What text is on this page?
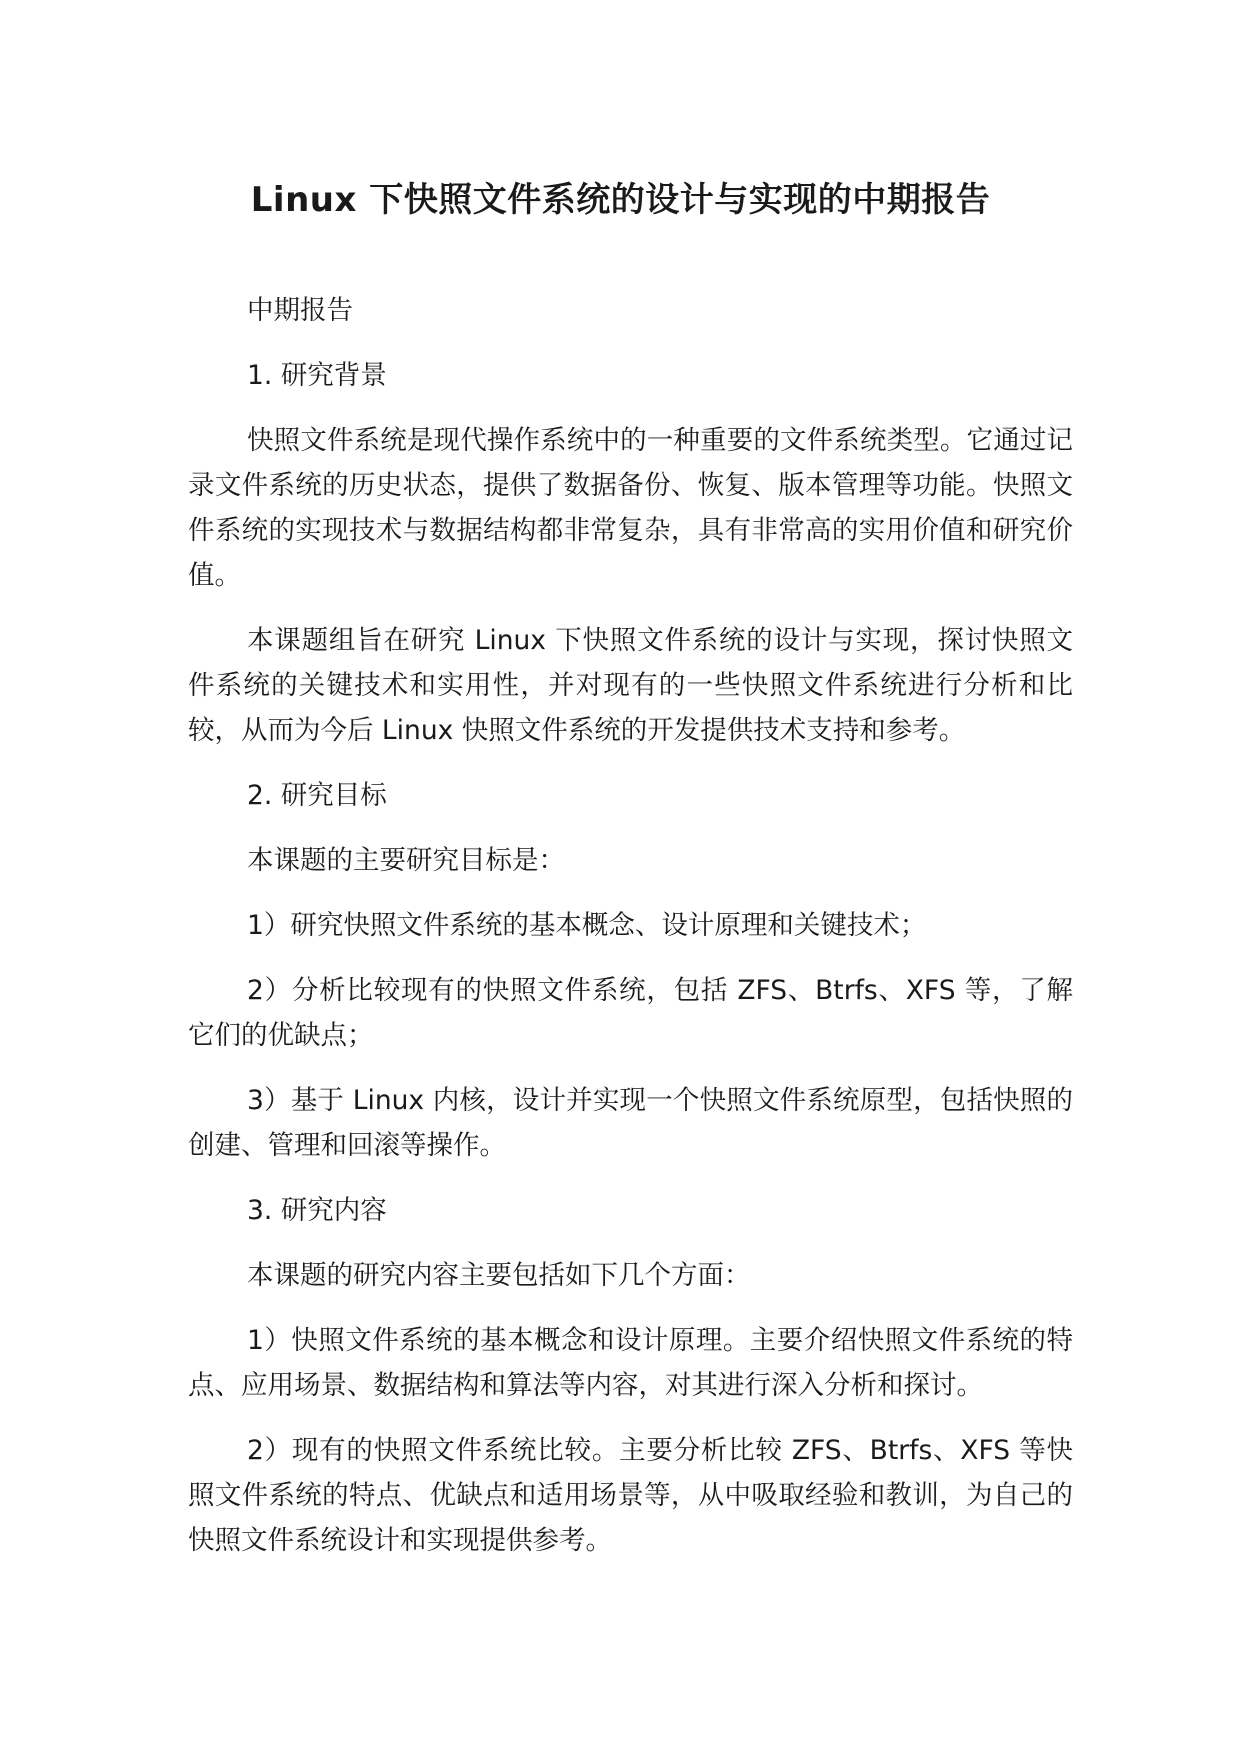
Linux 下快照文件系统的设计与实现的中期报告

中期报告

1. 研究背景

快照文件系统是现代操作系统中的一种重要的文件系统类型。它通过记录文件系统的历史状态，提供了数据备份、恢复、版本管理等功能。快照文件系统的实现技术与数据结构都非常复杂，具有非常高的实用价值和研究价值。

本课题组旨在研究 Linux 下快照文件系统的设计与实现，探讨快照文件系统的关键技术和实用性，并对现有的一些快照文件系统进行分析和比较，从而为今后 Linux 快照文件系统的开发提供技术支持和参考。

2. 研究目标

本课题的主要研究目标是：

1）研究快照文件系统的基本概念、设计原理和关键技术；

2）分析比较现有的快照文件系统，包括 ZFS、Btrfs、XFS 等，了解它们的优缺点；

3）基于 Linux 内核，设计并实现一个快照文件系统原型，包括快照的创建、管理和回滚等操作。

3. 研究内容

本课题的研究内容主要包括如下几个方面：

1）快照文件系统的基本概念和设计原理。主要介绍快照文件系统的特点、应用场景、数据结构和算法等内容，对其进行深入分析和探讨。

2）现有的快照文件系统比较。主要分析比较 ZFS、Btrfs、XFS 等快照文件系统的特点、优缺点和适用场景等，从中吸取经验和教训，为自己的快照文件系统设计和实现提供参考。
